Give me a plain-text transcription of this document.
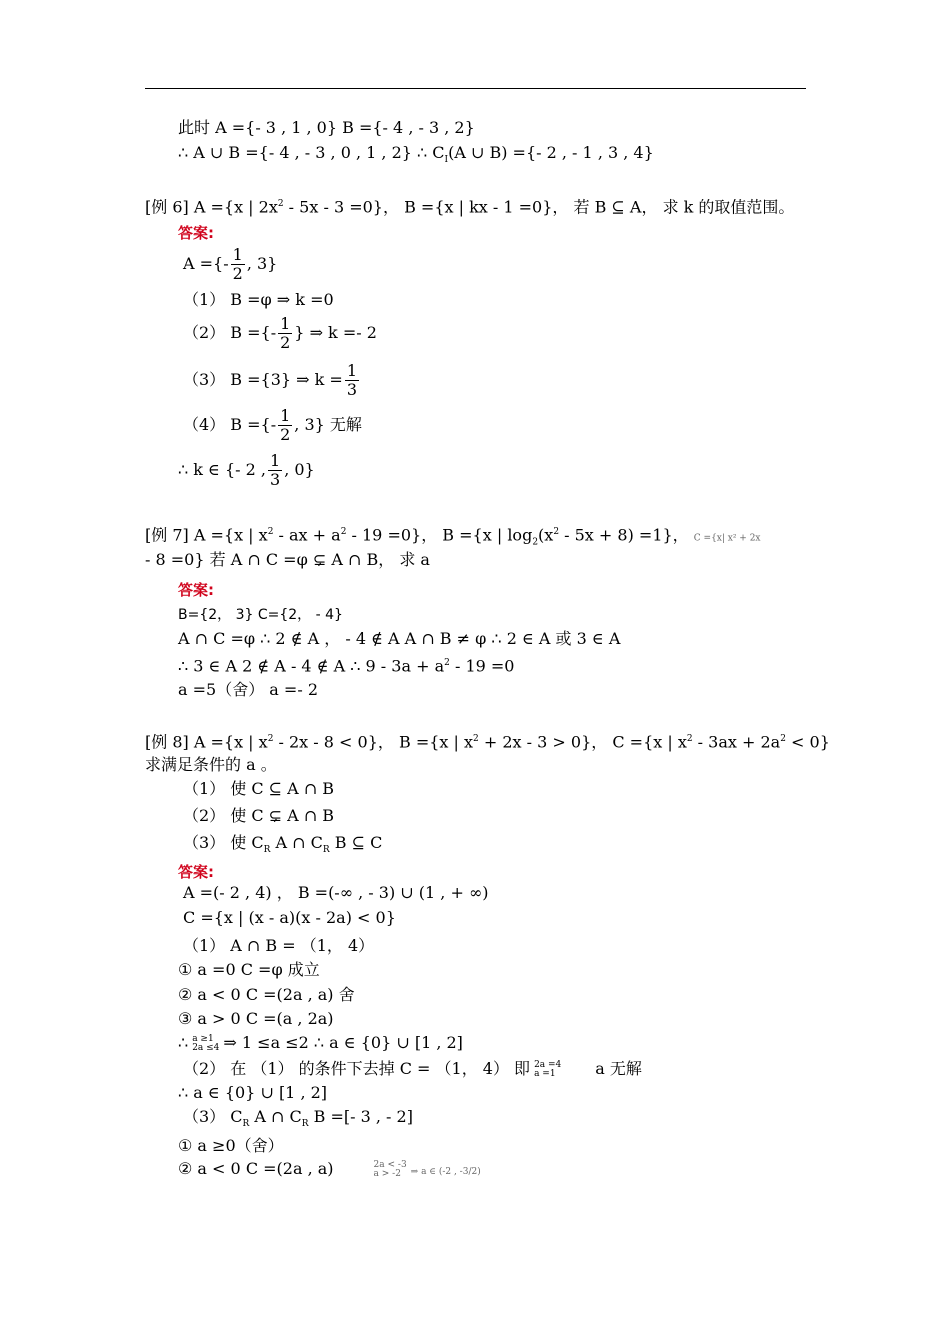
此时 A ={- 3 , 1 , 0} B ={- 4 , - 3 , 2}
∴ A ∪ B ={- 4 , - 3 , 0 , 1 , 2} ∴ $C_I(A$ ∪ B) ={- 2 , - 1 , 3 , 4}
[例 6] A ={x | $2x^2 - 5x - 3 =0$}， B ={x | kx - 1 =0}， 若 B ⊆ A， 求 k 的取值范围。
答案:
A ={- $\frac{1}{2}$ , 3}
（1） B =φ ⇒ k =0
（2） B ={- $\frac{1}{2}$ } ⇒ k =- 2
（3） B ={3} ⇒ $k = \frac{1}{3}$
（4） B ={- $\frac{1}{2}$ , 3} 无解
∴ k ∈ {- 2 , $\frac{1}{3}$ , 0}
[例 7] A ={x | $x^2$ - ax + $a^2 - 19 =0$}， B ={x | $\log_2(x^2 - 5x + 8) =1$}， C ={x| x² + 2x
- 8 =0} 若 A ∩ C =φ ⊊ A ∩ B， 求 a
答案:
B={2， 3} C={2， - 4}
A ∩ C =φ ∴ 2 ∉ A ， - 4 ∉ A A ∩ B ≠ φ ∴ 2 ∈ A 或 3 ∈ A
∴ 3 ∈ A 2 ∉ A - 4 ∉ A ∴ $9 - 3a + a^2 - 19 =0$
a =5（舍） a =- 2
[例 8] A ={x | $x^2 - 2x - 8 < 0$}， B ={x | $x^2 + 2x - 3 > 0$}， C ={x | $x^2 - 3ax + 2a^2 < 0$}
求满足条件的 a 。
（1） 使 C ⊆ A ∩ B
（2） 使 C ⊊ A ∩ B
（3） 使 $C_R$ A ∩ $C_R$ B ⊆ C
答案:
A =(- 2 , 4) ， B =(-∞ , - 3) ∪ (1 , + ∞)
C ={x | (x - a)(x - 2a) < 0}
（1） A ∩ B = （1， 4）
① a =0 C =φ 成立
② a < 0 C =(2a , a) 舍
③ a > 0 C =(a , 2a)
∴ a ≥1
2a ≤4 ⇒ 1 ≤a ≤2 ∴ a ∈ {0} ∪ [1 , 2]
（2） 在 （1） 的条件下去掉 C = （1， 4） 即 2a =4
a =1	a 无解
∴ a ∈ {0} ∪ [1 , 2]
（3） $C_R$ A ∩ $C_R$ B =[- 3 , - 2]
① a ≥0（舍）
② a < 0 C =(2a , a)	2a < -3
a > -2	⇒ a ∈ (-2 , -3/2)
